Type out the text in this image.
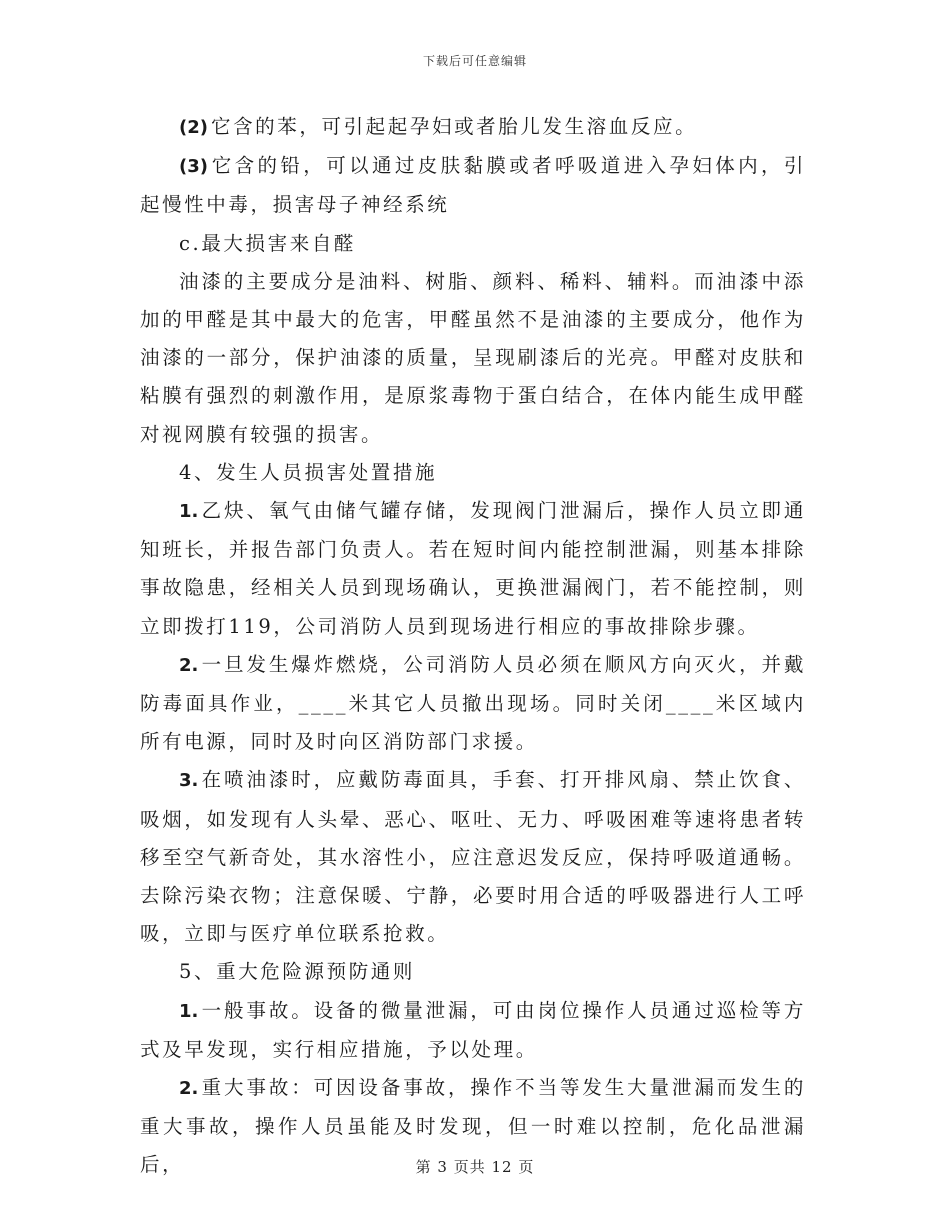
下载后可任意编辑

(2) 它含的苯，可引起起孕妇或者胎儿发生溶血反应。

(3) 它含的铅，可以通过皮肤黏膜或者呼吸道进入孕妇体内，引起慢性中毒，损害母子神经系统

c.最大损害来自醛

油漆的主要成分是油料、树脂、颜料、稀料、辅料。而油漆中添加的甲醛是其中最大的危害，甲醛虽然不是油漆的主要成分，他作为油漆的一部分，保护油漆的质量，呈现刷漆后的光亮。甲醛对皮肤和粘膜有强烈的刺激作用，是原浆毒物于蛋白结合，在体内能生成甲醛对视网膜有较强的损害。

4、发生人员损害处置措施

1. 乙炔、氧气由储气罐存储，发现阀门泄漏后，操作人员立即通知班长，并报告部门负责人。若在短时间内能控制泄漏，则基本排除事故隐患，经相关人员到现场确认，更换泄漏阀门，若不能控制，则立即拨打119，公司消防人员到现场进行相应的事故排除步骤。

2. 一旦发生爆炸燃烧，公司消防人员必须在顺风方向灭火，并戴防毒面具作业，____米其它人员撤出现场。同时关闭____米区域内所有电源，同时及时向区消防部门求援。

3. 在喷油漆时，应戴防毒面具，手套、打开排风扇、禁止饮食、吸烟，如发现有人头晕、恶心、呕吐、无力、呼吸困难等速将患者转移至空气新奇处，其水溶性小，应注意迟发反应，保持呼吸道通畅。去除污染衣物；注意保暖、宁静，必要时用合适的呼吸器进行人工呼吸，立即与医疗单位联系抢救。

5、重大危险源预防通则

1. 一般事故。设备的微量泄漏，可由岗位操作人员通过巡检等方式及早发现，实行相应措施，予以处理。

2. 重大事故：可因设备事故，操作不当等发生大量泄漏而发生的重大事故，操作人员虽能及时发现，但一时难以控制，危化品泄漏后，	第 3 页共 12 页
